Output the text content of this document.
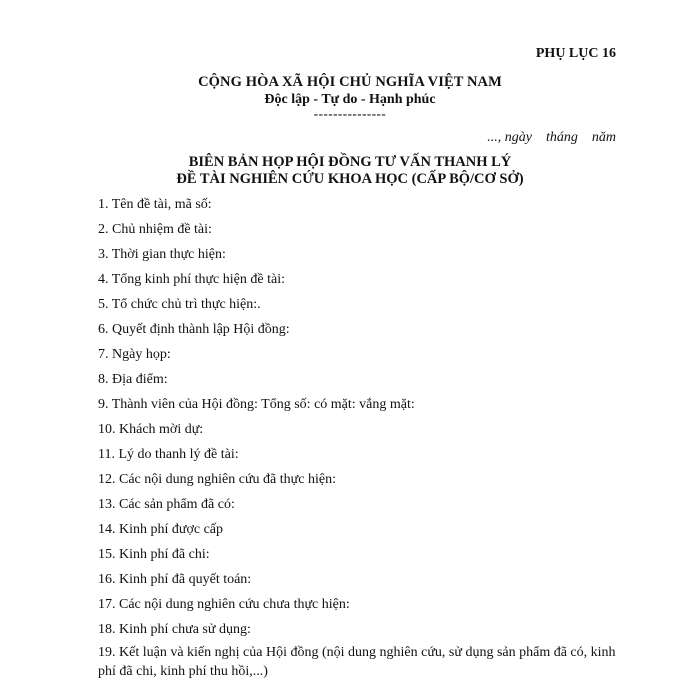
PHỤ LỤC 16
CỘNG HÒA XÃ HỘI CHỦ NGHĨA VIỆT NAM
Độc lập - Tự do - Hạnh phúc
---------------
..., ngày tháng năm
BIÊN BẢN HỌP HỘI ĐỒNG TƯ VẤN THANH LÝ
ĐỀ TÀI NGHIÊN CỨU KHOA HỌC (CẤP BỘ/CƠ SỞ)
1. Tên đề tài, mã số:
2. Chủ nhiệm đề tài:
3. Thời gian thực hiện:
4. Tổng kinh phí thực hiện đề tài:
5. Tổ chức chủ trì thực hiện:.
6. Quyết định thành lập Hội đồng:
7. Ngày họp:
8. Địa điểm:
9. Thành viên của Hội đồng: Tổng số: có mặt: vắng mặt:
10. Khách mời dự:
11. Lý do thanh lý đề tài:
12. Các nội dung nghiên cứu đã thực hiện:
13. Các sản phẩm đã có:
14. Kinh phí được cấp
15. Kinh phí đã chi:
16. Kinh phí đã quyết toán:
17. Các nội dung nghiên cứu chưa thực hiện:
18. Kinh phí chưa sử dụng:
19. Kết luận và kiến nghị của Hội đồng (nội dung nghiên cứu, sử dụng sản phẩm đã có, kinh phí đã chi, kinh phí thu hồi,...)
